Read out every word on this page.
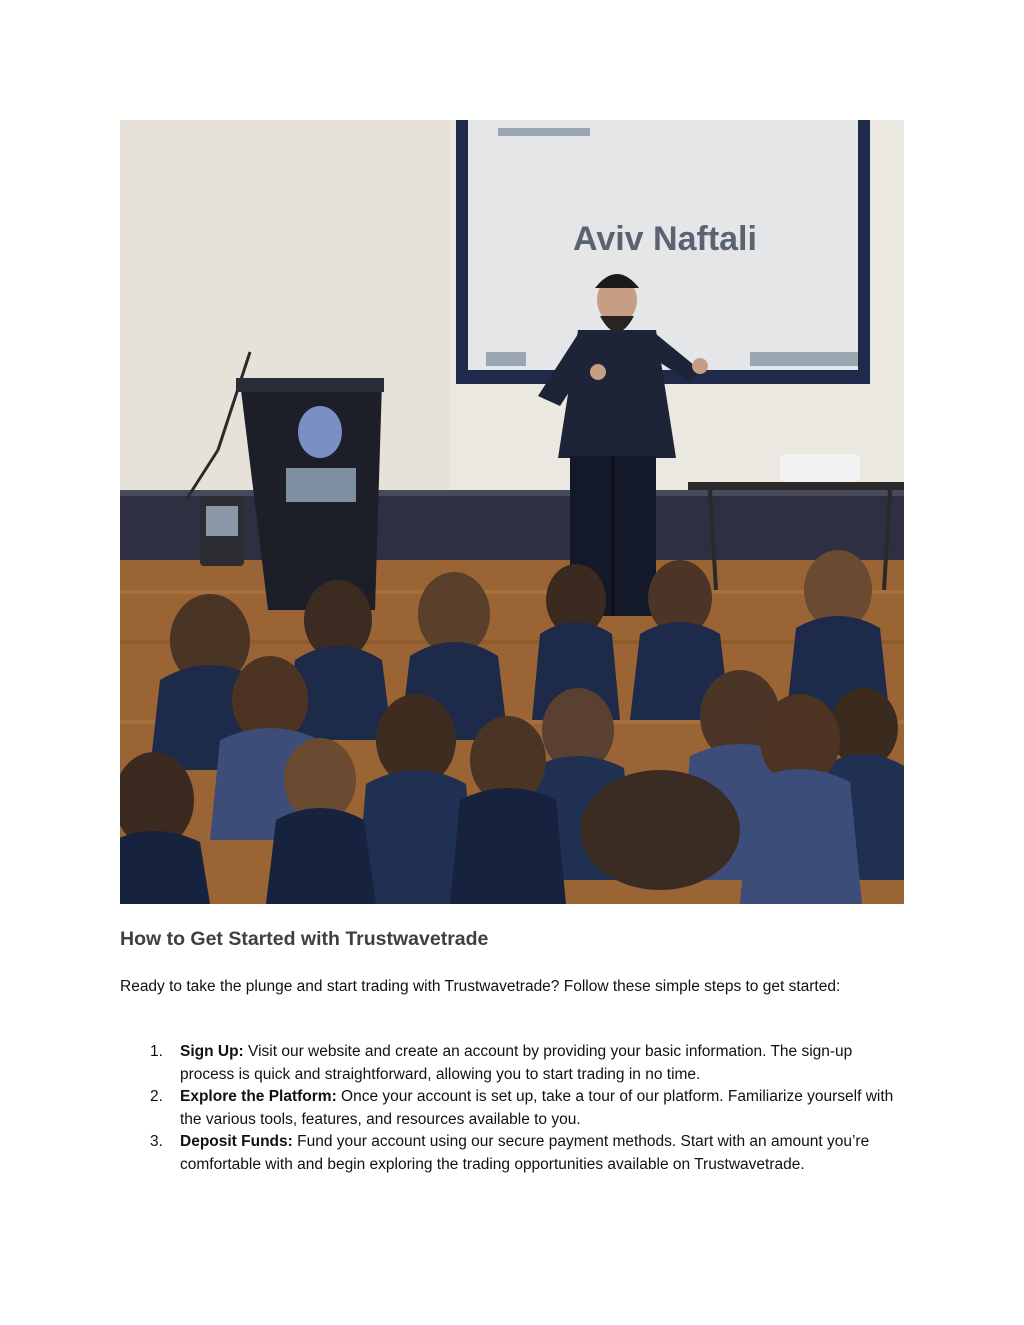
Aviv Naftali
How to Get Started with Trustwavetrade

Ready to take the plunge and start trading with Trustwavetrade? Follow these simple steps to get started:

1.	Sign Up: Visit our website and create an account by providing your basic information. The sign-up process is quick and straightforward, allowing you to start trading in no time.
2.	Explore the Platform: Once your account is set up, take a tour of our platform. Familiarize yourself with the various tools, features, and resources available to you.
3.	Deposit Funds: Fund your account using our secure payment methods. Start with an amount you’re comfortable with and begin exploring the trading opportunities available on Trustwavetrade.
